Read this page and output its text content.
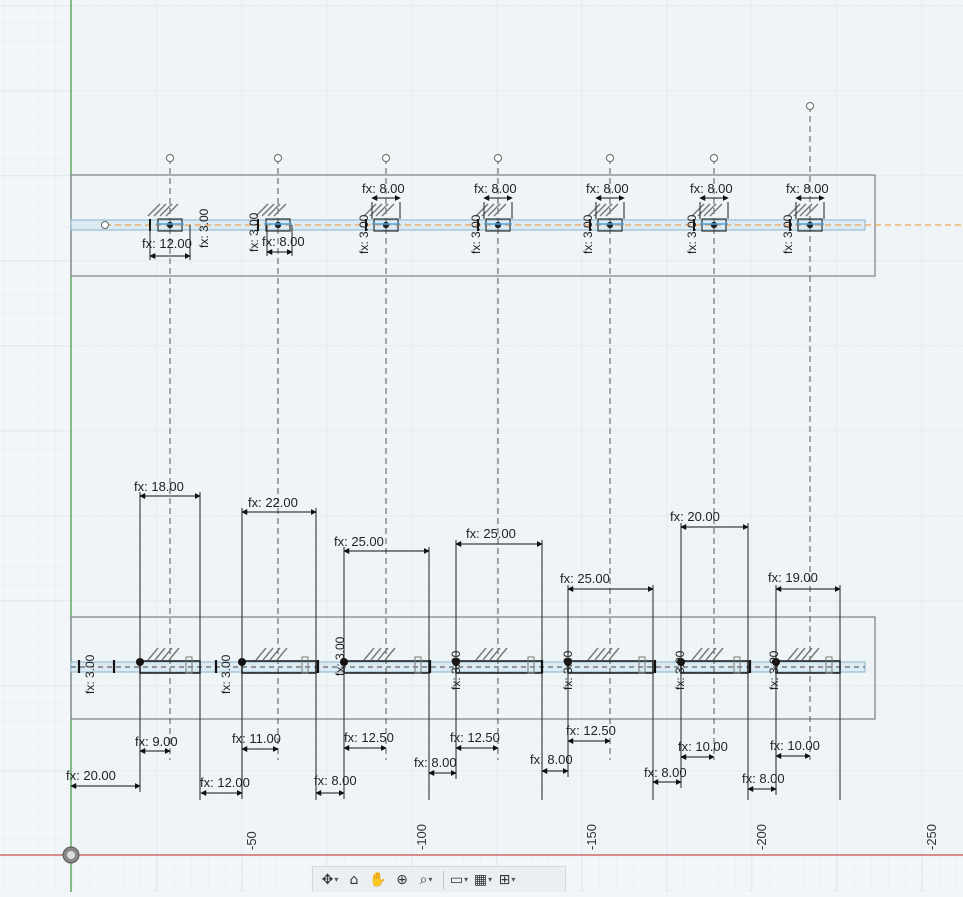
-50	-100	-150	-200	-250
fx: 12.00	fx: 8.00
fx: 8.00	fx: 8.00	fx: 8.00	fx: 8.00	fx: 8.00
fx: 3.00	fx: 3.00	fx: 3.00	fx: 3.00	fx: 3.00	fx: 3.00	fx: 3.00
fx: 18.00
fx: 22.00
fx: 25.00
fx: 25.00
fx: 25.00
fx: 20.00
fx: 19.00
fx: 9.00	fx: 11.00	fx: 12.50	fx: 12.50	fx: 12.50
fx: 10.00	fx: 10.00
fx: 20.00	fx: 12.00	fx: 8.00
fx: 8.00	fx: 8.00
fx: 8.00	fx: 8.00
fx: 3.00	fx: 3.00	fx: 3.00	fx: 3.00	fx: 3.00	fx: 3.00	fx: 3.00
✥ ▾ ⌂ ✋ ⊕ ⌕ ▾ ▭ ▾ ▦ ▾ ⊞ ▾
